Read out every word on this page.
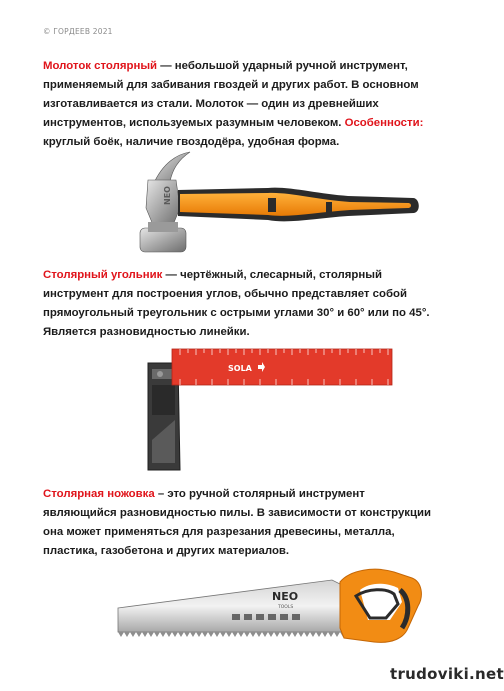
© ГОРДЕЕВ 2021
Молоток столярный — небольшой ударный ручной инструмент,
применяемый для забивания гвоздей и других работ. В основном
изготавливается из стали. Молоток — один из древнейших
инструментов, используемых разумным человеком. Особенности:
круглый боёк, наличие гвоздодёра, удобная форма.
NEO
Столярный угольник — чертёжный, слесарный, столярный
инструмент для построения углов, обычно представляет собой
прямоугольный треугольник с острыми углами 30° и 60° или по 45°.
Является разновидностью линейки.
SOLA
Столярная ножовка – это ручной столярный инструмент
являющийся разновидностью пилы. В зависимости от конструкции
она может применяться для разрезания древесины, металла,
пластика, газобетона и других материалов.
NEO
TOOLS
trudoviki.net
